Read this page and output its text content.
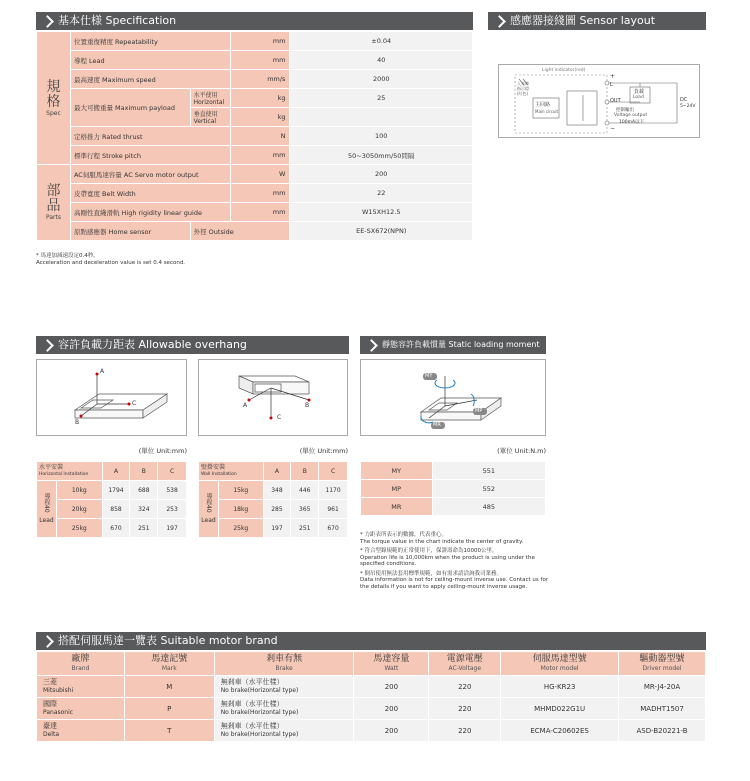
基本仕様 Specification
規格
Spec	位置重復精度 Repeatability		mm	±0.04
	導程 Lead		mm	40
	最高速度 Maximum speed		mm/s	2000
	最大可搬重量 Maximum payload	水平使用 Horizontal	kg	25
		垂直使用 Vertical	kg	
	定格推力 Rated thrust		N	100
	標準行程 Stroke pitch		mm	50~3050mm/50間隔

部品
Parts	AC伺服馬達容量 AC Servo motor output		W	200
	皮帶寬度 Belt Width		mm	22
	高剛性直綫滑軌 High rigidity linear guide		mm	W15XH12.5
	原點感應器 Home sensor	外徑 Outside		EE-SX672(NPN)
* 馬達加減速設定0.4秒。
Acceleration and deceleration value is set 0.4 second.
感應器接綫圖 Sensor layout
Light indicator(red)
入光時
指示燈
(紅色)
主回路
Main circuit
負載
Load
OUT	DC
5~24V
控制輸出
Voltage output
100mA以下
+
−
L
容許負載力距表 Allowable overhang
A
C
B
A	B
C
(單位 Unit:mm)	(單位 Unit:mm)
水平安裝
Horizontal Installation		A	B	C
導程40
Lead	10kg	1794	688	538
	20kg	858	324	253
	25kg	670	251	197
壁掛安裝
Wall Installation		A	B	C
導程40
Lead	15kg	348	446	1170
	18kg	285	365	961
	25kg	197	251	670
靜態容許負載慣量 Static loading moment
MY
MP
MR
(單位 Unit:N.m)
MY	551
MP	552
MR	485

* 力距表所表示的數據，代表重心。
The torque value in the chart indicate the center of gravity.

* 符合型錄規範的正常使用下，保證壽命為10000公里。
Operation life is 10,000km when the product is using under the specified conditions.

* 倒吊使用無法套用標準規範，如有需求請洽詢我司業務。
Data information is not for ceiling-mount inverse use. Contact us for the details if you want to apply ceiling-mount inverse usage.

搭配伺服馬達一覽表 Suitable motor brand
廠牌
Brand	馬達記號
Mark	剎車有無
Brake	馬達容量
Watt	電源電壓
AC-Voltage	伺服馬達型號
Motor model	驅動器型號
Driver model

三菱
Mitsubishi	M	無剎車（水平仕樣）
No brake(Horizontal type)	200	220	HG-KR23	MR-J4-20A
國際
Panasonic	P	無剎車（水平仕樣）
No brake(Horizontal type)	200	220	MHMD022G1U	MADHT1507
臺達
Delta	T	無剎車（水平仕樣）
No brake(Horizontal type)	200	220	ECMA-C20602ES	ASD-B20221-B
